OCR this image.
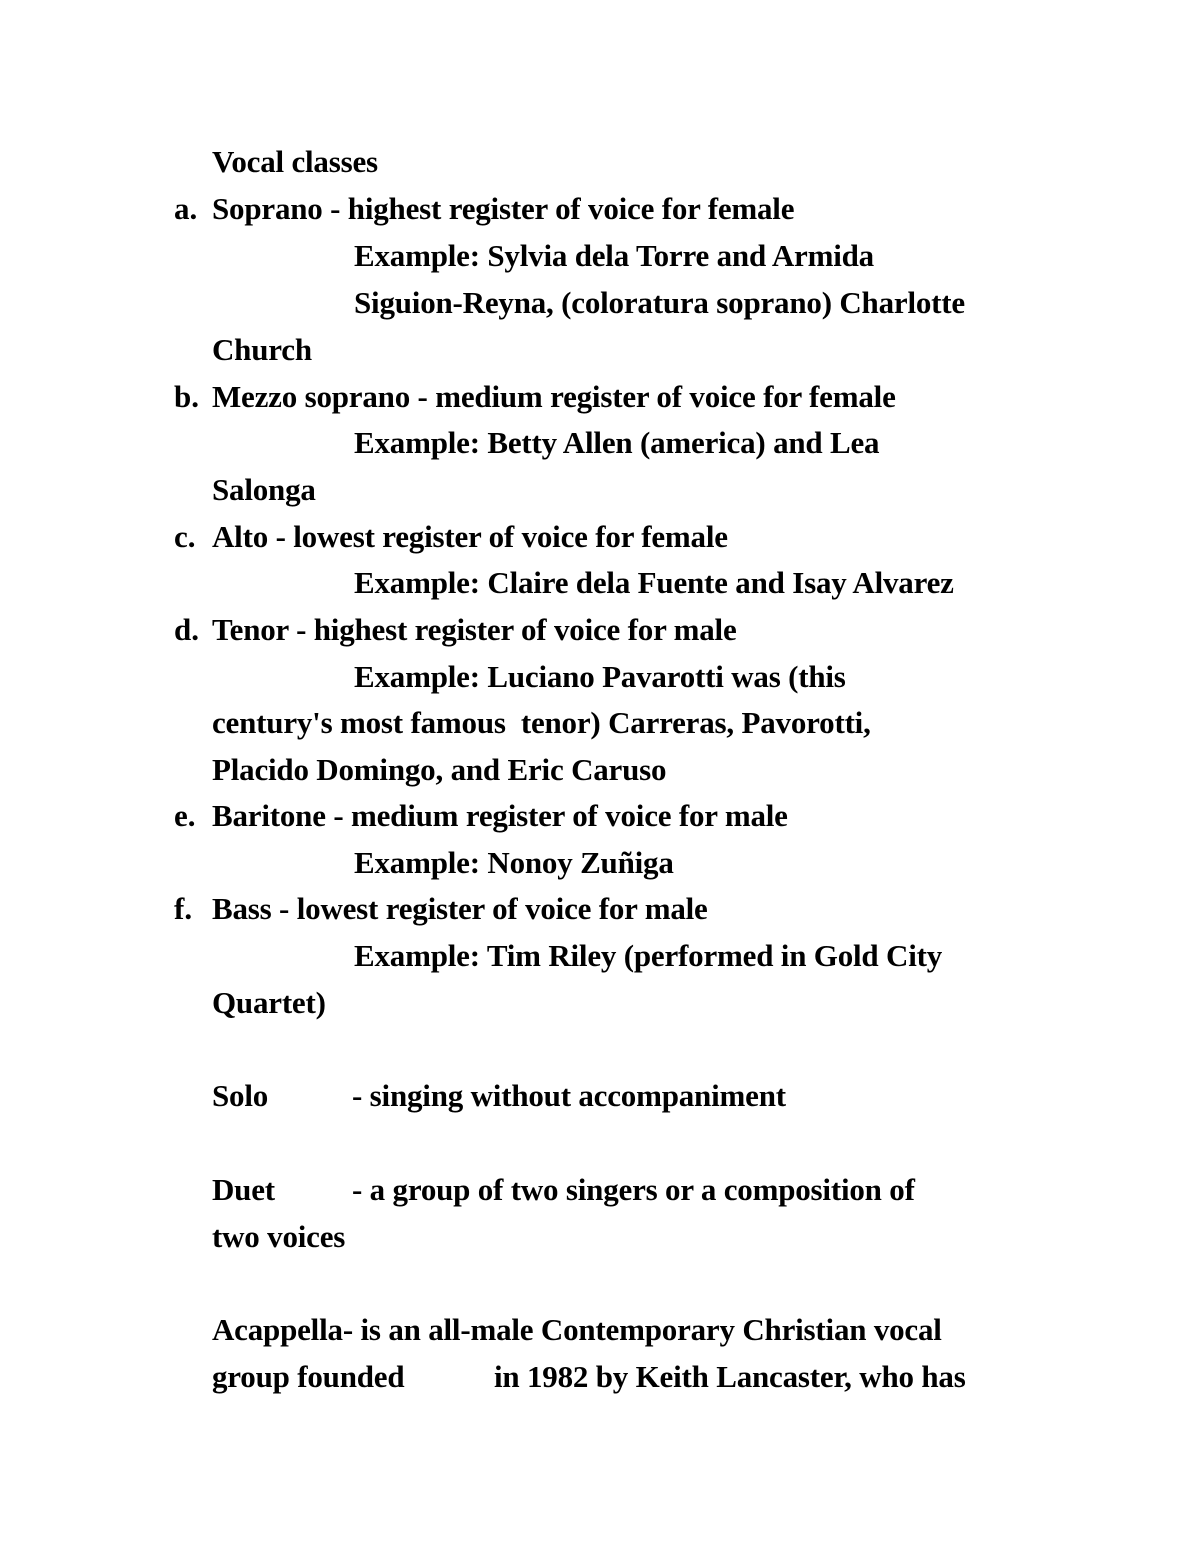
Vocal classes
a. Soprano - highest register of voice for female
Example: Sylvia dela Torre and Armida
Siguion-Reyna, (coloratura soprano) Charlotte
Church
b. Mezzo soprano - medium register of voice for female
Example: Betty Allen (america) and Lea
Salonga
c. Alto - lowest register of voice for female
Example: Claire dela Fuente and Isay Alvarez
d. Tenor - highest register of voice for male
Example: Luciano Pavarotti was (this
century's most famous  tenor) Carreras, Pavorotti,
Placido Domingo, and Eric Caruso
e. Baritone - medium register of voice for male
Example: Nonoy Zuñiga
f. Bass - lowest register of voice for male
Example: Tim Riley (performed in Gold City
Quartet)
Solo	- singing without accompaniment
Duet - a group of two singers or a composition of
two voices
Acappella- is an all-male Contemporary Christian vocal
group founded	in 1982 by Keith Lancaster, who has
